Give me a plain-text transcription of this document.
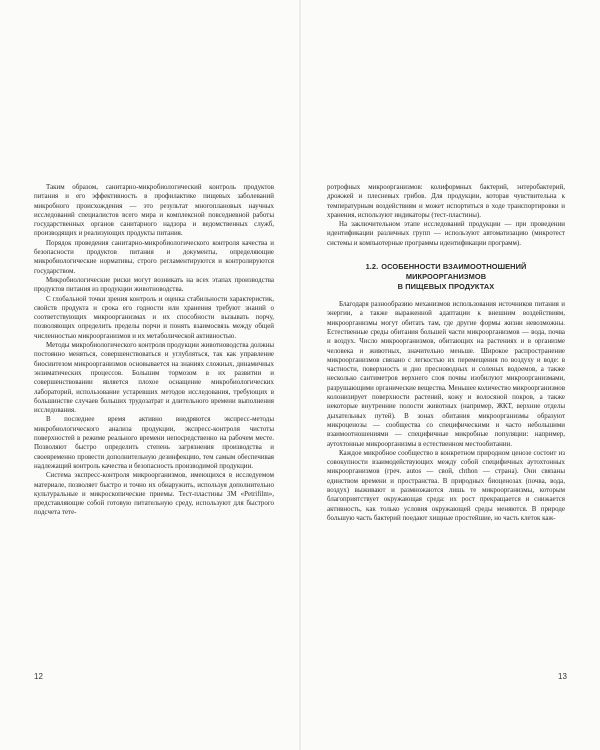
Таким образом, санитарно-микробиологический контроль продуктов питания и его эффективность в профилактике пищевых заболеваний микробного происхождения — это результат многоплановых научных исследований специалистов всего мира и комплексной повседневной работы государственных органов санитарного надзора и ведомственных служб, производящих и реализующих продукты питания.

Порядок проведения санитарно-микробиологического контроля качества и безопасности продуктов питания и документы, определяющие микробиологические нормативы, строго регламентируются и контролируются государством.

Микробиологические риски могут возникать на всех этапах производства продуктов питания из продукции животноводства.

С глобальной точки зрения контроль и оценка стабильности характеристик, свойств продукта и срока его годности или хранения требуют знаний о соответствующих микроорганизмах и их способности вызывать порчу, позволяющих определить пределы порчи и понять взаимосвязь между общей численностью микроорганизмов и их метаболической активностью.

Методы микробиологического контроля продукции животноводства должны постоянно меняться, совершенствоваться и углубляться, так как управление биосинтезом микроорганизмов основывается на знаниях сложных, динамичных энзиматических процессов. Большим тормозом в их развитии и совершенствовании является плохое оснащение микробиологических лабораторий, использование устаревших методов исследования, требующих в большинстве случаев больших трудозатрат и длительного времени выполнения исследования.

В последнее время активно внедряются экспресс-методы микробиологического анализа продукции, экспресс-контроля чистоты поверхностей в режиме реального времени непосредственно на рабочем месте. Позволяют быстро определить степень загрязнения производства и своевременно провести дополнительную дезинфекцию, тем самым обеспечивая надлежащий контроль качества и безопасность производимой продукции.

Система экспресс-контроля микроорганизмов, имеющихся в исследуемом материале, позволяет быстро и точно их обнаружить, используя дополнительно культуральные и микроскопические приемы. Тест-пластины 3М «Petrifilm», представляющие собой готовую питательную среду, используют для быстрого подсчета тете-

12

ротрофных микроорганизмов: колиформных бактерий, энтеробактерий, дрожжей и плесневых грибов. Для продукции, которая чувствительна к температурным воздействиям и может испортиться в ходе транспортировки и хранения, используют индикаторы (тест-пластины).

На заключительном этапе исследований продукции — при проведении идентификации различных групп — используют автоматизацию (микротест системы и компьютерные программы идентификации программ).

1.2. ОСОБЕННОСТИ ВЗАИМООТНОШЕНИЙ МИКРООРГАНИЗМОВ
В ПИЩЕВЫХ ПРОДУКТАХ

Благодаря разнообразию механизмов использования источников питания и энергии, а также выраженной адаптации к внешним воздействиям, микроорганизмы могут обитать там, где другие формы жизни невозможны. Естественные среды обитания большей части микроорганизмов — вода, почва и воздух. Число микроорганизмов, обитающих на растениях и в организме человека и животных, значительно меньше. Широкое распространение микроорганизмов связано с легкостью их перемещения по воздуху и воде: в частности, поверхность и дно пресноводных и соленых водоемов, а также несколько сантиметров верхнего слоя почвы изобилуют микроорганизмами, разрушающими органические вещества. Меньшее количество микроорганизмов колонизирует поверхности растений, кожу и волосяной покров, а также некоторые внутренние полости животных (например, ЖКТ, верхние отделы дыхательных путей). В зонах обитания микроорганизмы образуют микроценозы — сообщества со специфическими и часто небольшими взаимоотношениями — специфичные микробные популяции: например, аутохтонные микроорганизмы в естественном местообитании.

Каждое микробное сообщество в конкретном природном ценозе состоит из совокупности взаимодействующих между собой специфичных аутохтонных микроорганизмов (греч. autos — свой, chthon — страна). Они связаны единством времени и пространства. В природных биоценозах (почва, вода, воздух) выживают и размножаются лишь те микроорганизмы, которым благоприятствует окружающая среда: их рост прекращается и снижается активность, как только условия окружающей среды меняются. В природе большую часть бактерий поедают хищные простейшие, но часть клеток каж-

13
